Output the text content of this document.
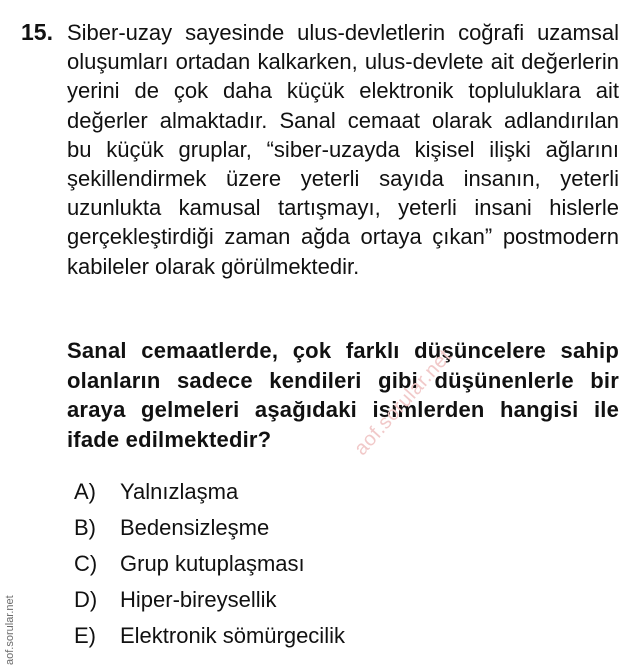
15. Siber-uzay sayesinde ulus-devletlerin coğrafi uzamsal oluşumları ortadan kalkarken, ulus-devlete ait değerlerin yerini de çok daha küçük elektronik topluluklara ait değerler almaktadır. Sanal cemaat olarak adlandırılan bu küçük gruplar, “siber-uzayda kişisel ilişki ağlarını şekillendirmek üzere yeterli sayıda insanın, yeterli uzunlukta kamusal tartışmayı, yeterli insani hislerle gerçekleştirdiği zaman ağda ortaya çıkan” postmodern kabileler olarak görülmektedir.

Sanal cemaatlerde, çok farklı düşüncelere sahip olanların sadece kendileri gibi düşünenlerle bir araya gelmeleri aşağıdaki isimlerden hangisi ile ifade edilmektedir?

A)	Yalnızlaşma
B)	Bedensizleşme
C)	Grup kutuplaşması
D)	Hiper-bireysellik
E)	Elektronik sömürgecilik
aof.sorular.net
aof.sorular.net
